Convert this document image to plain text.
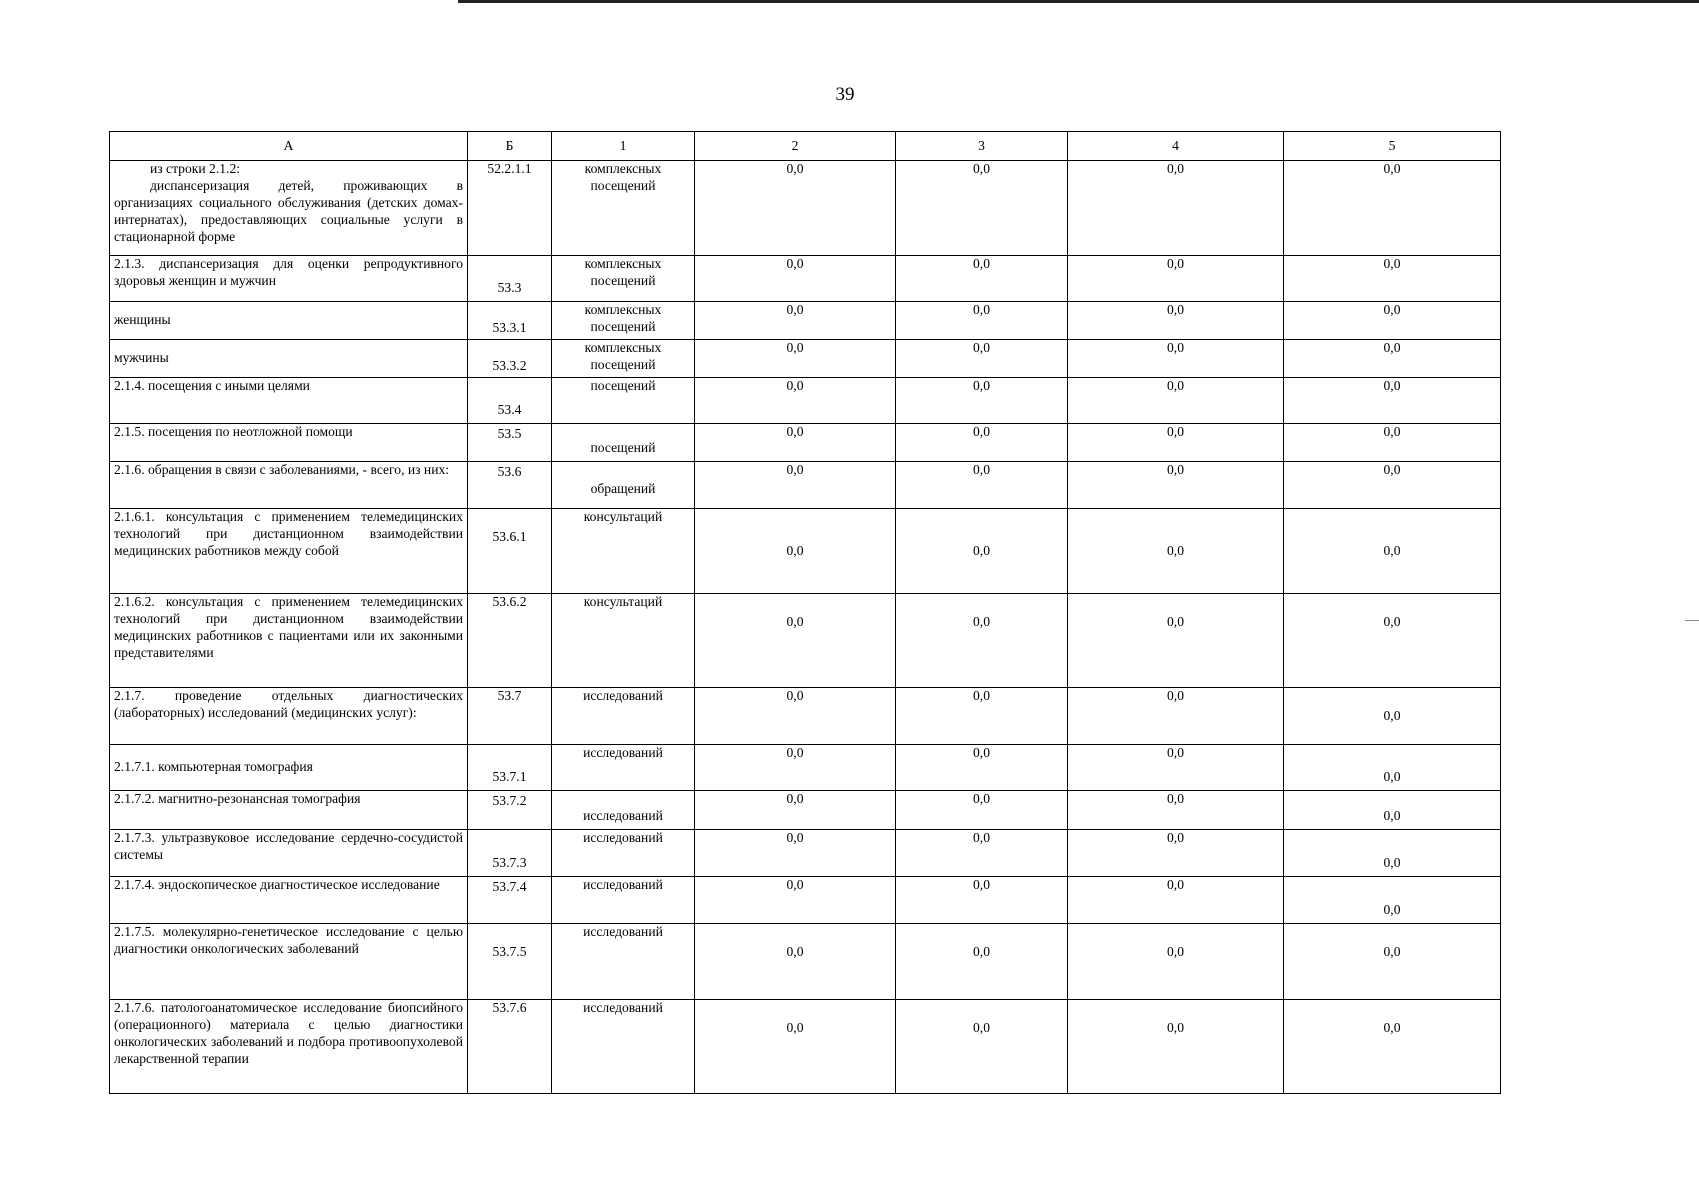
39
А	Б	1	2	3	4	5

из строки 2.1.2:
диспансеризация детей, проживающих в организациях социального обслуживания (детских домах-интернатах), предоставляющих социальные услуги в стационарной форме	52.2.1.1	комплексных посещений	0,0	0,0	0,0	0,0
2.1.3. диспансеризация для оценки репродуктивного здоровья женщин и мужчин	53.3	комплексных посещений	0,0	0,0	0,0	0,0
женщины	53.3.1	комплексных посещений	0,0	0,0	0,0	0,0
мужчины	53.3.2	комплексных посещений	0,0	0,0	0,0	0,0
2.1.4. посещения с иными целями	53.4	посещений	0,0	0,0	0,0	0,0
2.1.5. посещения по неотложной помощи	53.5	посещений	0,0	0,0	0,0	0,0
2.1.6. обращения в связи с заболеваниями, - всего, из них:	53.6	обращений	0,0	0,0	0,0	0,0
2.1.6.1. консультация с применением телемедицинских технологий при дистанционном взаимодействии медицинских работников между собой	53.6.1	консультаций	0,0	0,0	0,0	0,0
2.1.6.2. консультация с применением телемедицинских технологий при дистанционном взаимодействии медицинских работников с пациентами или их законными представителями	53.6.2	консультаций	0,0	0,0	0,0	0,0
2.1.7. проведение отдельных диагностических (лабораторных) исследований (медицинских услуг):	53.7	исследований	0,0	0,0	0,0	0,0
2.1.7.1. компьютерная томография	53.7.1	исследований	0,0	0,0	0,0	0,0
2.1.7.2. магнитно-резонансная томография	53.7.2	исследований	0,0	0,0	0,0	0,0
2.1.7.3. ультразвуковое исследование сердечно-сосудистой системы	53.7.3	исследований	0,0	0,0	0,0	0,0
2.1.7.4. эндоскопическое диагностическое исследование	53.7.4	исследований	0,0	0,0	0,0	0,0
2.1.7.5. молекулярно-генетическое исследование с целью диагностики онкологических заболеваний	53.7.5	исследований	0,0	0,0	0,0	0,0
2.1.7.6. патологоанатомическое исследование биопсийного (операционного) материала с целью диагностики онкологических заболеваний и подбора противоопухолевой лекарственной терапии	53.7.6	исследований	0,0	0,0	0,0	0,0
